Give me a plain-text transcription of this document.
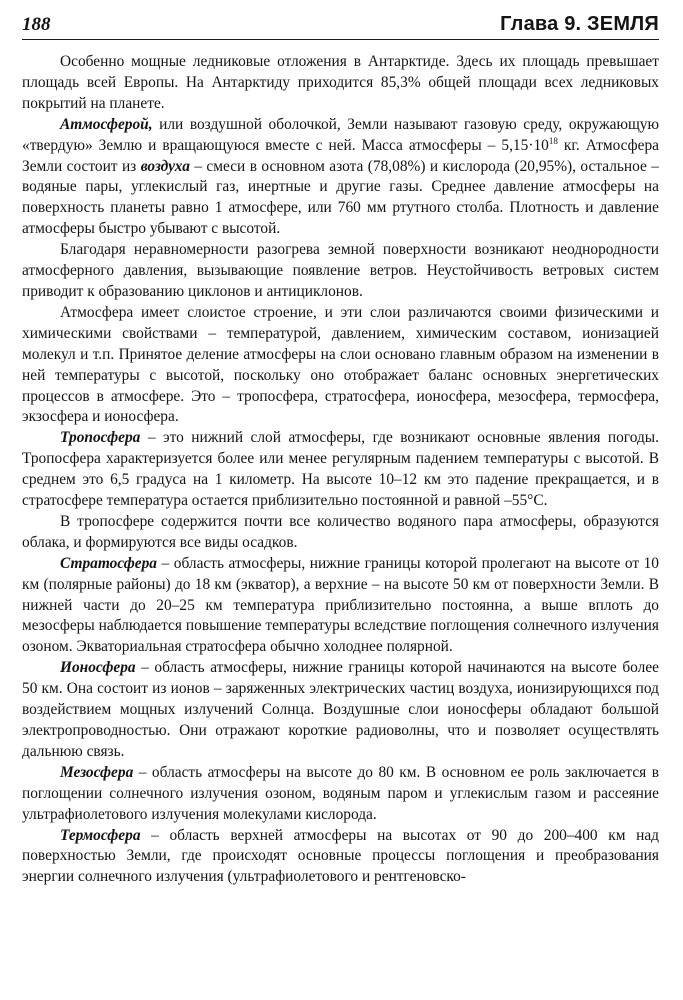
188	Глава 9. ЗЕМЛЯ

Особенно мощные ледниковые отложения в Антарктиде. Здесь их площадь превышает площадь всей Европы. На Антарктиду приходится 85,3% общей площади всех ледниковых покрытий на планете.

Атмосферой, или воздушной оболочкой, Земли называют газовую среду, окружающую «твердую» Землю и вращающуюся вместе с ней. Масса атмосферы – $5,15\cdot 10^{18}$ кг. Атмосфера Земли состоит из воздуха – смеси в основном азота (78,08%) и кислорода (20,95%), остальное – водяные пары, углекислый газ, инертные и другие газы. Среднее давление атмосферы на поверхность планеты равно 1 атмосфере, или 760 мм ртутного столба. Плотность и давление атмосферы быстро убывают с высотой.

Благодаря неравномерности разогрева земной поверхности возникают неоднородности атмосферного давления, вызывающие появление ветров. Неустойчивость ветровых систем приводит к образованию циклонов и антициклонов.

Атмосфера имеет слоистое строение, и эти слои различаются своими физическими и химическими свойствами – температурой, давлением, химическим составом, ионизацией молекул и т.п. Принятое деление атмосферы на слои основано главным образом на изменении в ней температуры с высотой, поскольку оно отображает баланс основных энергетических процессов в атмосфере. Это – тропосфера, стратосфера, ионосфера, мезосфера, термосфера, экзосфера и ионосфера.

Тропосфера – это нижний слой атмосферы, где возникают основные явления погоды. Тропосфера характеризуется более или менее регулярным падением температуры с высотой. В среднем это 6,5 градуса на 1 километр. На высоте 10–12 км это падение прекращается, и в стратосфере температура остается приблизительно постоянной и равной –55°С.

В тропосфере содержится почти все количество водяного пара атмосферы, образуются облака, и формируются все виды осадков.

Стратосфера – область атмосферы, нижние границы которой пролегают на высоте от 10 км (полярные районы) до 18 км (экватор), а верхние – на высоте 50 км от поверхности Земли. В нижней части до 20–25 км температура приблизительно постоянна, а выше вплоть до мезосферы наблюдается повышение температуры вследствие поглощения солнечного излучения озоном. Экваториальная стратосфера обычно холоднее полярной.

Ионосфера – область атмосферы, нижние границы которой начинаются на высоте более 50 км. Она состоит из ионов – заряженных электрических частиц воздуха, ионизирующихся под воздействием мощных излучений Солнца. Воздушные слои ионосферы обладают большой электропроводностью. Они отражают короткие радиоволны, что и позволяет осуществлять дальнюю связь.

Мезосфера – область атмосферы на высоте до 80 км. В основном ее роль заключается в поглощении солнечного излучения озоном, водяным паром и углекислым газом и рассеяние ультрафиолетового излучения молекулами кислорода.

Термосфера – область верхней атмосферы на высотах от 90 до 200–400 км над поверхностью Земли, где происходят основные процессы поглощения и преобразования энергии солнечного излучения (ультрафиолетового и рентгеновско-
